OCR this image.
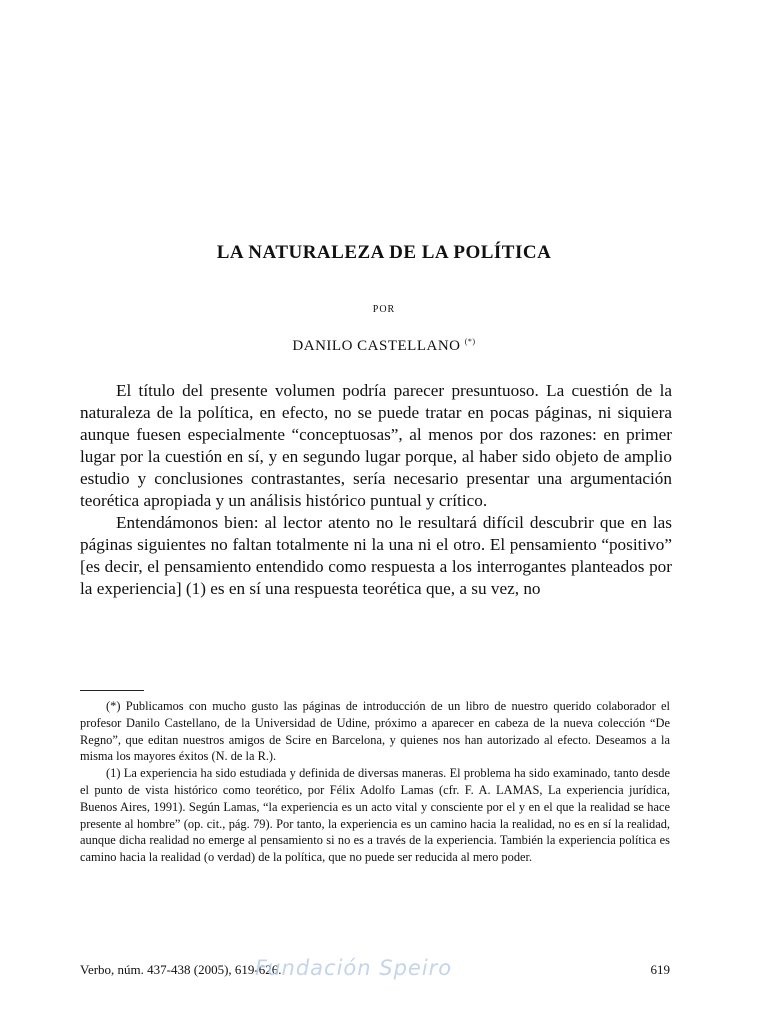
LA NATURALEZA DE LA POLÍTICA
POR
DANILO CASTELLANO (*)

El título del presente volumen podría parecer presuntuoso. La cuestión de la naturaleza de la política, en efecto, no se puede tratar en pocas páginas, ni siquiera aunque fuesen especialmente “conceptuosas”, al menos por dos razones: en primer lugar por la cuestión en sí, y en segundo lugar porque, al haber sido objeto de amplio estudio y conclusiones contrastantes, sería necesario presentar una argumentación teorética apropiada y un análisis histórico puntual y crítico.

Entendámonos bien: al lector atento no le resultará difícil descubrir que en las páginas siguientes no faltan totalmente ni la una ni el otro. El pensamiento “positivo” [es decir, el pensamiento entendido como respuesta a los interrogantes planteados por la experiencia] (1) es en sí una respuesta teorética que, a su vez, no

(*) Publicamos con mucho gusto las páginas de introducción de un libro de nuestro querido colaborador el profesor Danilo Castellano, de la Universidad de Udine, próximo a aparecer en cabeza de la nueva colección “De Regno”, que editan nuestros amigos de Scire en Barcelona, y quienes nos han autorizado al efecto. Deseamos a la misma los mayores éxitos (N. de la R.).

(1) La experiencia ha sido estudiada y definida de diversas maneras. El problema ha sido examinado, tanto desde el punto de vista histórico como teorético, por Félix Adolfo Lamas (cfr. F. A. LAMAS, La experiencia jurídica, Buenos Aires, 1991). Según Lamas, “la experiencia es un acto vital y consciente por el y en el que la realidad se hace presente al hombre” (op. cit., pág. 79). Por tanto, la experiencia es un camino hacia la realidad, no es en sí la realidad, aunque dicha realidad no emerge al pensamiento si no es a través de la experiencia. También la experiencia política es camino hacia la realidad (o verdad) de la política, que no puede ser reducida al mero poder.

Verbo, núm. 437-438 (2005), 619-626.	619
Fundación Speiro
